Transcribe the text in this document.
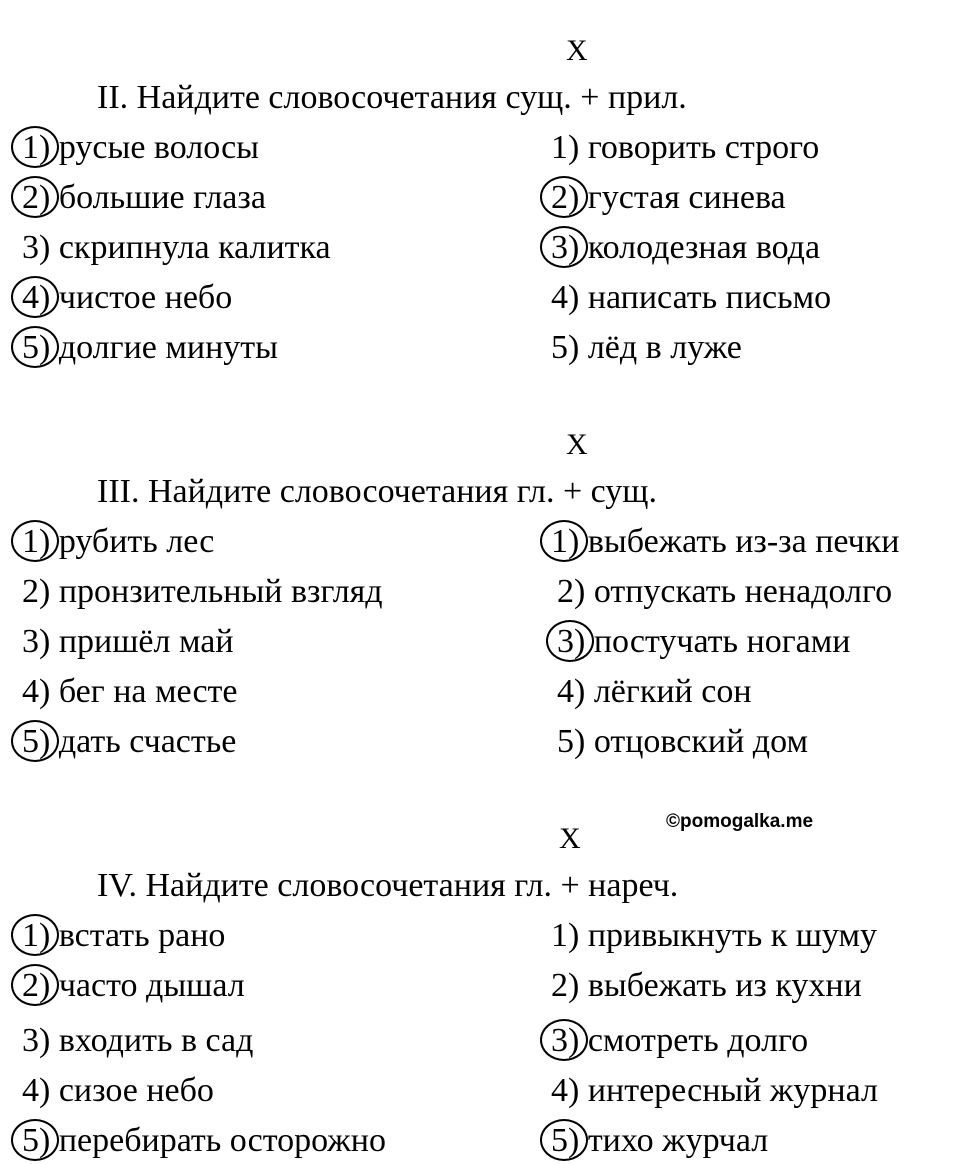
X
II. Найдите словосочетания сущ. + прил.
1) русые волосы
2) большие глаза
3) скрипнула калитка
4) чистое небо
5) долгие минуты
1) говорить строго
2) густая синева
3) колодезная вода
4) написать письмо
5) лёд в луже
X
III. Найдите словосочетания гл. + сущ.
1) рубить лес
2) пронзительный взгляд
3) пришёл май
4) бег на месте
5) дать счастье
1) выбежать из-за печки
2) отпускать ненадолго
3) постучать ногами
4) лёгкий сон
5) отцовский дом
©pomogalka.me
X
IV. Найдите словосочетания гл. + нареч.
1) встать рано
2) часто дышал
3) входить в сад
4) сизое небо
5) перебирать осторожно
1) привыкнуть к шуму
2) выбежать из кухни
3) смотреть долго
4) интересный журнал
5) тихо журчал
